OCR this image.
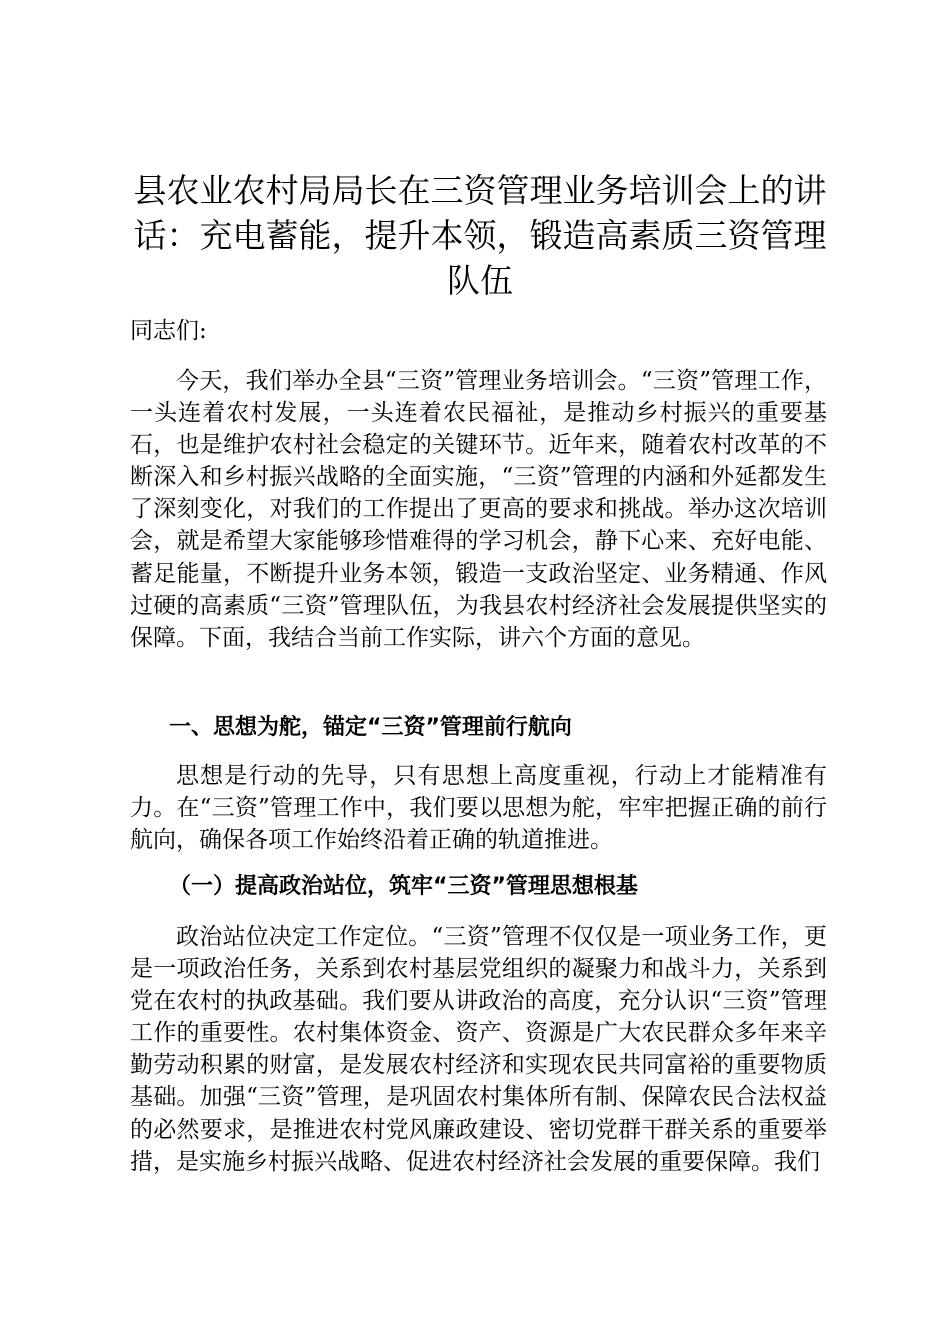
县农业农村局局长在三资管理业务培训会上的讲话：充电蓄能，提升本领，锻造高素质三资管理队伍

同志们:

今天，我们举办全县“三资”管理业务培训会。“三资”管理工作，一头连着农村发展，一头连着农民福祉，是推动乡村振兴的重要基石，也是维护农村社会稳定的关键环节。近年来，随着农村改革的不断深入和乡村振兴战略的全面实施，“三资”管理的内涵和外延都发生了深刻变化，对我们的工作提出了更高的要求和挑战。举办这次培训会，就是希望大家能够珍惜难得的学习机会，静下心来、充好电能、蓄足能量，不断提升业务本领，锻造一支政治坚定、业务精通、作风过硬的高素质“三资”管理队伍，为我县农村经济社会发展提供坚实的保障。下面，我结合当前工作实际，讲六个方面的意见。

一、思想为舵，锚定“三资”管理前行航向

思想是行动的先导，只有思想上高度重视，行动上才能精准有力。在“三资”管理工作中，我们要以思想为舵，牢牢把握正确的前行航向，确保各项工作始终沿着正确的轨道推进。

（一）提高政治站位，筑牢“三资”管理思想根基

政治站位决定工作定位。“三资”管理不仅仅是一项业务工作，更是一项政治任务，关系到农村基层党组织的凝聚力和战斗力，关系到党在农村的执政基础。我们要从讲政治的高度，充分认识“三资”管理工作的重要性。农村集体资金、资产、资源是广大农民群众多年来辛勤劳动积累的财富，是发展农村经济和实现农民共同富裕的重要物质基础。加强“三资”管理，是巩固农村集体所有制、保障农民合法权益的必然要求，是推进农村党风廉政建设、密切党群干群关系的重要举措，是实施乡村振兴战略、促进农村经济社会发展的重要保障。我们
